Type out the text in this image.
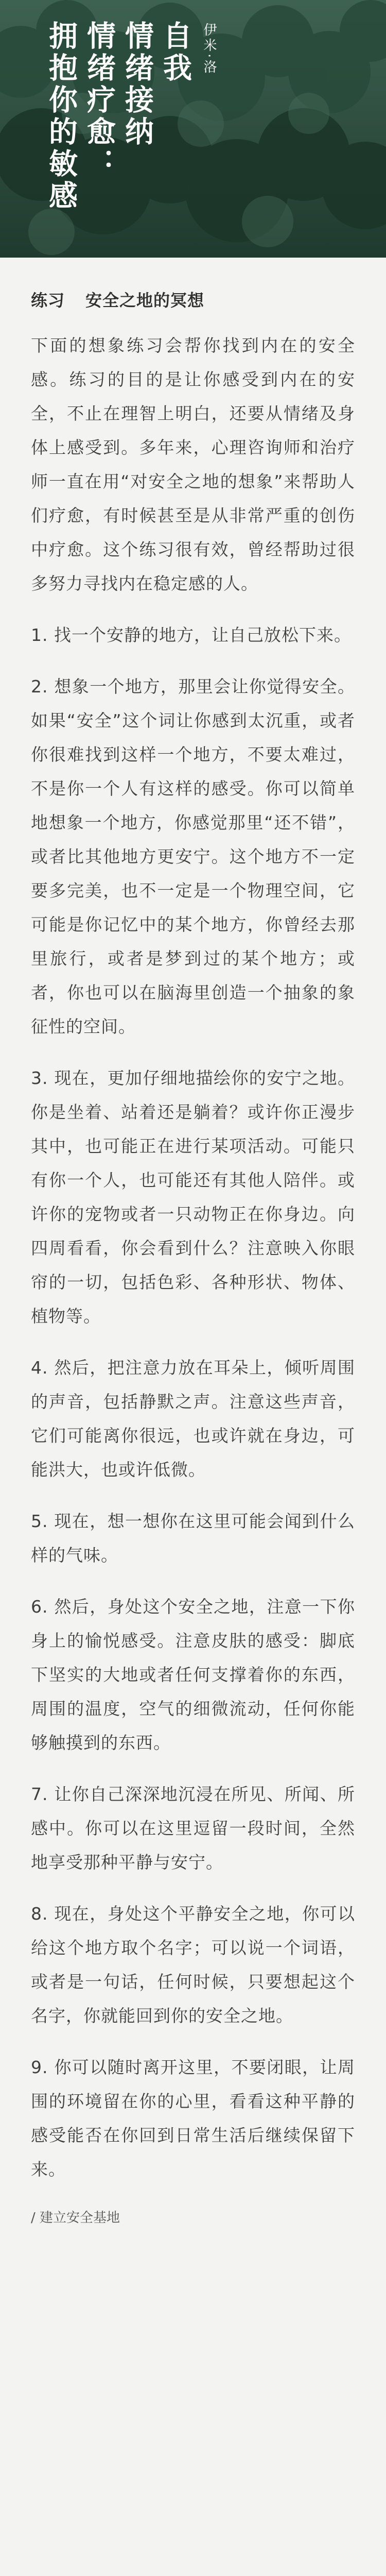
拥抱你的敏感 情绪疗愈： 情绪接纳 自我 伊米·洛
练习 安全之地的冥想

下面的想象练习会帮你找到内在的安全感。练习的目的是让你感受到内在的安全，不止在理智上明白，还要从情绪及身体上感受到。多年来，心理咨询师和治疗师一直在用“对安全之地的想象”来帮助人们疗愈，有时候甚至是从非常严重的创伤中疗愈。这个练习很有效，曾经帮助过很多努力寻找内在稳定感的人。

1. 找一个安静的地方，让自己放松下来。

2. 想象一个地方，那里会让你觉得安全。如果“安全”这个词让你感到太沉重，或者你很难找到这样一个地方，不要太难过，不是你一个人有这样的感受。你可以简单地想象一个地方，你感觉那里“还不错”，或者比其他地方更安宁。这个地方不一定要多完美，也不一定是一个物理空间，它可能是你记忆中的某个地方，你曾经去那里旅行，或者是梦到过的某个地方；或者，你也可以在脑海里创造一个抽象的象征性的空间。

3. 现在，更加仔细地描绘你的安宁之地。你是坐着、站着还是躺着？或许你正漫步其中，也可能正在进行某项活动。可能只有你一个人，也可能还有其他人陪伴。或许你的宠物或者一只动物正在你身边。向四周看看，你会看到什么？注意映入你眼帘的一切，包括色彩、各种形状、物体、植物等。

4. 然后，把注意力放在耳朵上，倾听周围的声音，包括静默之声。注意这些声音，它们可能离你很远，也或许就在身边，可能洪大，也或许低微。

5. 现在，想一想你在这里可能会闻到什么样的气味。

6. 然后，身处这个安全之地，注意一下你身上的愉悦感受。注意皮肤的感受：脚底下坚实的大地或者任何支撑着你的东西，周围的温度，空气的细微流动，任何你能够触摸到的东西。

7. 让你自己深深地沉浸在所见、所闻、所感中。你可以在这里逗留一段时间，全然地享受那种平静与安宁。

8. 现在，身处这个平静安全之地，你可以给这个地方取个名字；可以说一个词语，或者是一句话，任何时候，只要想起这个名字，你就能回到你的安全之地。

9. 你可以随时离开这里，不要闭眼，让周围的环境留在你的心里，看看这种平静的感受能否在你回到日常生活后继续保留下来。

/ 建立安全基地
